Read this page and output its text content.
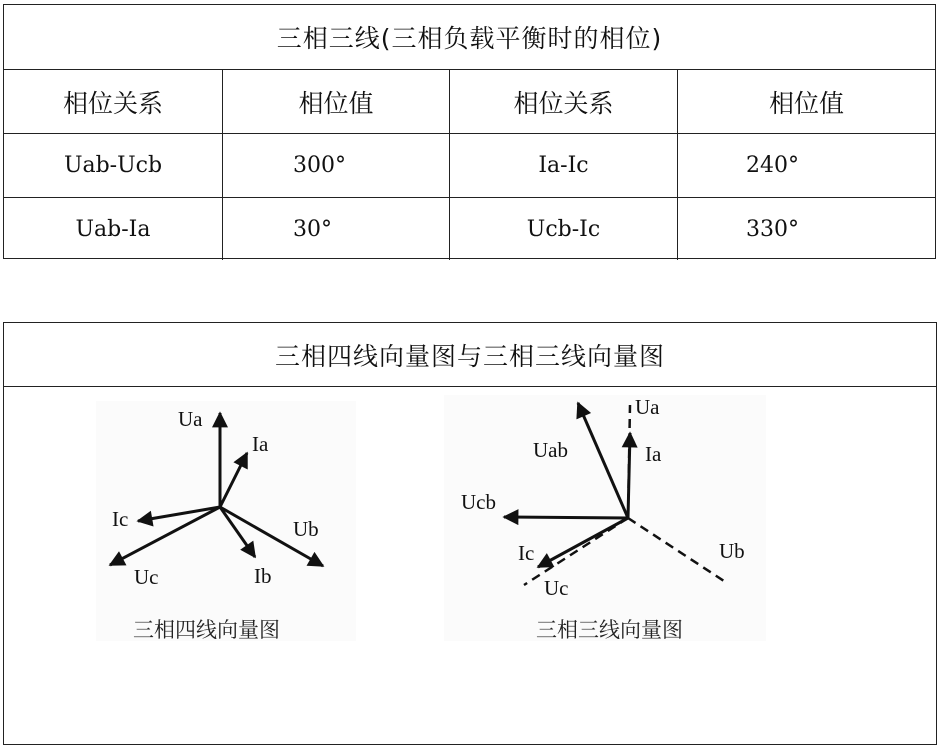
三相三线(三相负载平衡时的相位)
相位关系	相位值	相位关系	相位值
Uab-Ucb	300°	Ia-Ic	240°
Uab-Ia	30°	Ucb-Ic	330°
三相四线向量图与三相三线向量图
Ua
Ia
Ic	Ub
Uc	Ib
三相四线向量图
Uab
Ua
Ia
Ucb
Ic
Uc
Ub
三相三线向量图
